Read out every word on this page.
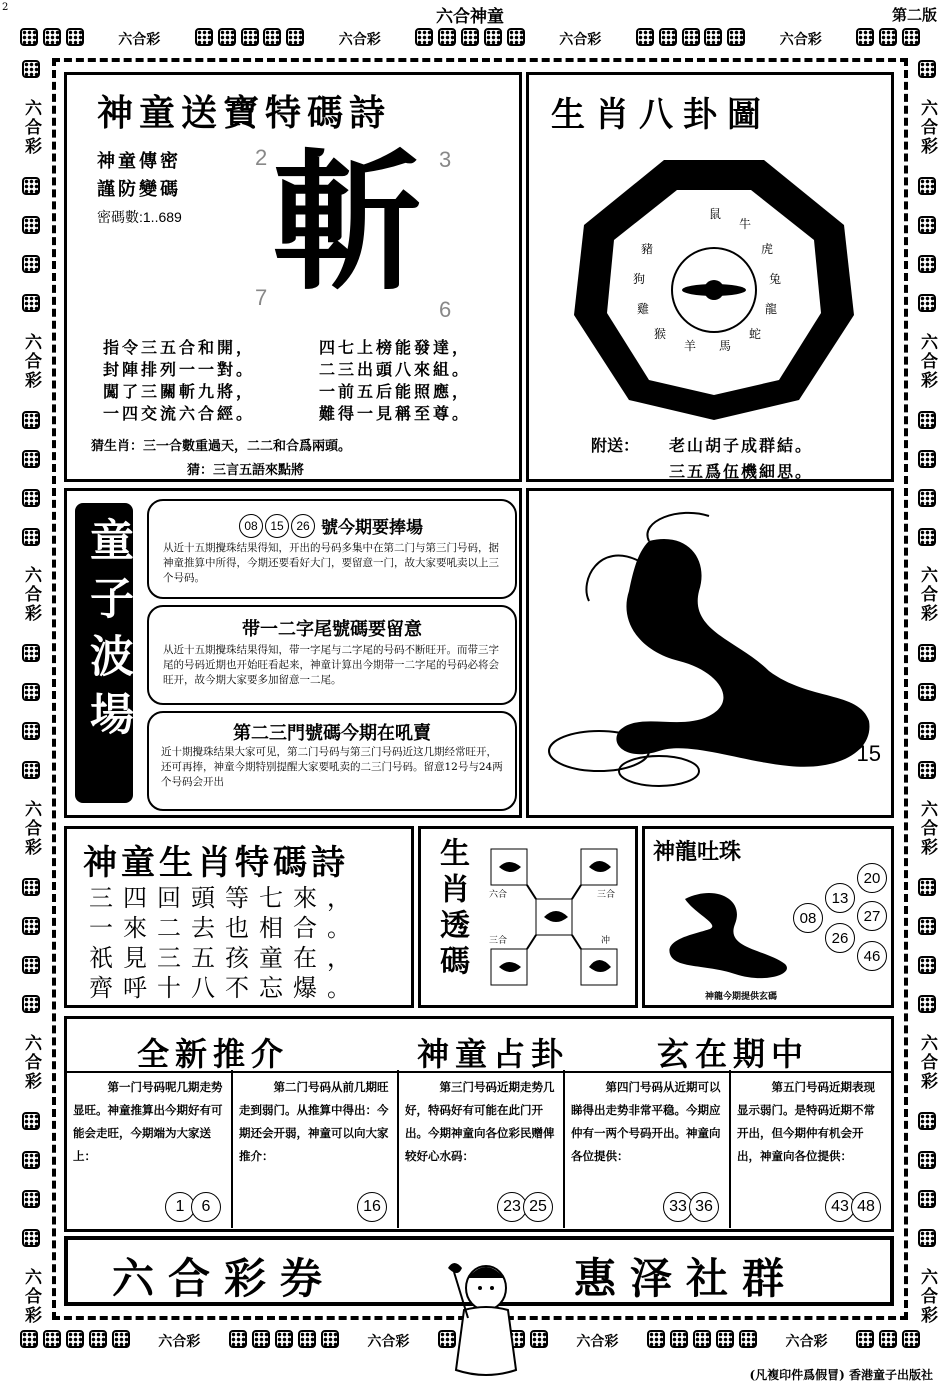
六合神童	第二版
2

六合彩
	六合彩
	六合彩
	六合彩

六合彩
	六合彩
	六合彩
	六合彩

六合彩
六合彩
六合彩
六合彩
六合彩
六合彩
六合彩
六合彩
六合彩
六合彩
六合彩
六合彩
神童送寶特碼詩
神童傳密
謹防變碼
密碼數:1..689 斬
2	3
7	6
指令三五合和開，
封陣排列一一對。
闖了三關斬九將，
一四交流六合經。
四七上榜能發達，
二三出頭八來組。
一前五后能照應，
難得一見稱至尊。
猜生肖：三一合數重過天，二二和合爲兩頭。
猜：三言五語來點將
生肖八卦圖
鼠
牛
虎
兔
龍
蛇
馬
羊
猴
雞
狗
豬
附送： 老山胡子成群結。
三五爲伍機細思。
童子波場	08	15	26 號今期要捧場
从近十五期攪珠结果得知，开出的号码多集中在第二门与第三门号码，据神童推算中所得，今期还要看好大门，要留意一门，故大家要吼卖以上三个号码。
带一二字尾號碼要留意
从近十五期攪珠结果得知，带一字尾与二字尾的号码不断旺开。而带三字尾的号码近期也开始旺看起来，神童计算出今期带一二字尾的号码必将会旺开，故今期大家要多加留意一二尾。
第二三門號碼今期在吼賣
近十期攪珠结果大家可见，第二门号码与第三门号码近这几期经常旺开，还可再捧，神童今期特别提醒大家要吼卖的二三门号码。留意12号与24两个号码会开出
15
神童生肖特碼詩
三四回頭等七來，
一來二去也相合。
祇見三五孩童在，
齊呼十八不忘爆。
生肖透碼	六合	三合
三合	冲
神龍吐珠
20
13
27
08
26
46
神龍今期提供玄碼
全新推介	神童占卦	玄在期中
第一门号码呢几期走势显旺。神童推算出今期好有可能会走旺，今期端为大家送上：
1	6
第二门号码从前几期旺走到弱门。从推算中得出：今期还会开弱，神童可以向大家推介：
16
第三门号码近期走势几好，特码好有可能在此门开出。今期神童向各位彩民赠俾较好心水码：
23 25
第四门号码从近期可以睇得出走势非常平稳。今期应仲有一两个号码开出。神童向各位提供：
33 36
第五门号码近期表现显示弱门。是特码近期不常开出，但今期仲有机会开出，神童向各位提供：
43 48
六合彩券	惠泽社群
(凡複印件爲假冒) 香港童子出版社
